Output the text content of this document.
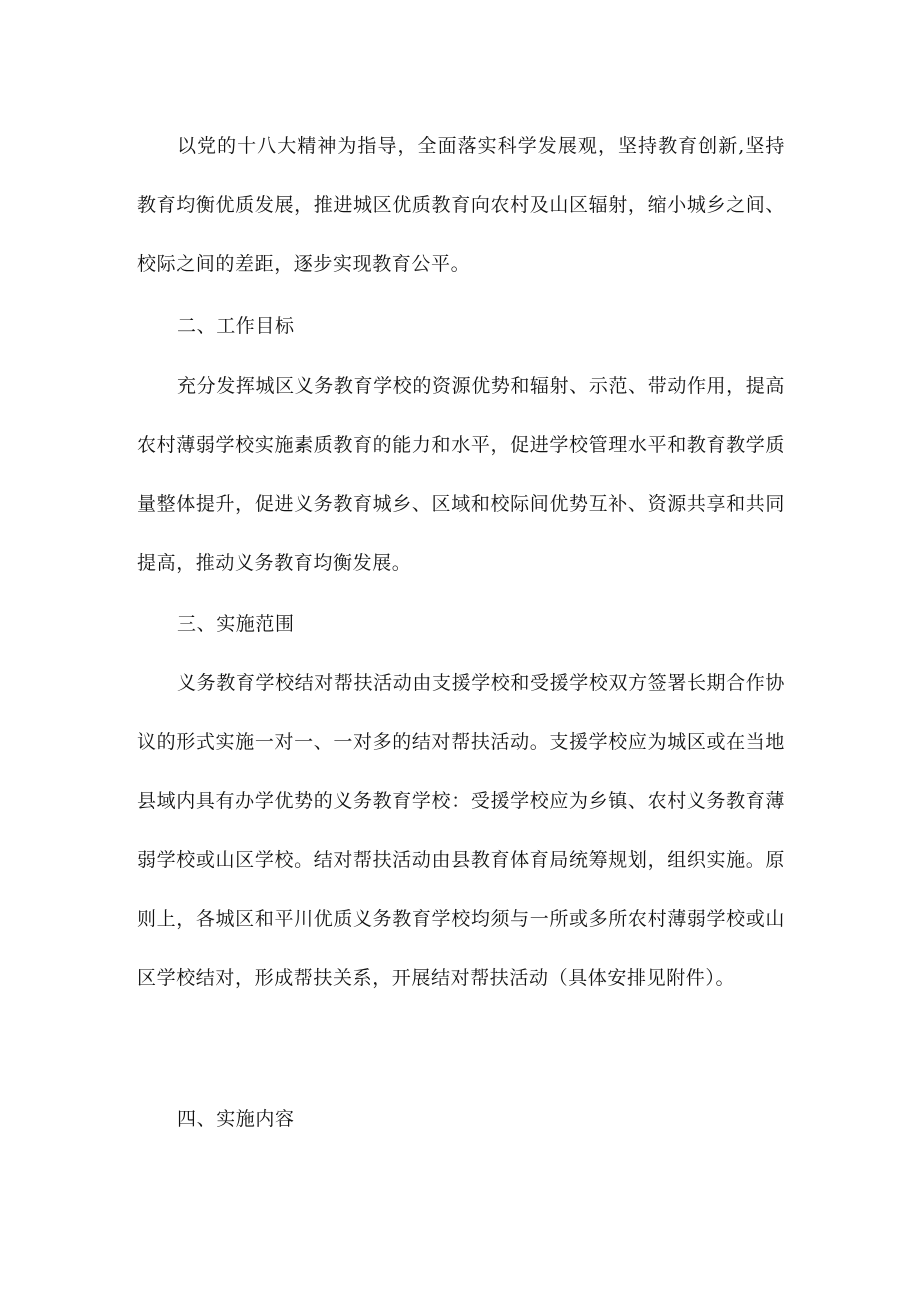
以党的十八大精神为指导，全面落实科学发展观，坚持教育创新,坚持教育均衡优质发展，推进城区优质教育向农村及山区辐射，缩小城乡之间、校际之间的差距，逐步实现教育公平。

二、工作目标

充分发挥城区义务教育学校的资源优势和辐射、示范、带动作用，提高农村薄弱学校实施素质教育的能力和水平，促进学校管理水平和教育教学质量整体提升，促进义务教育城乡、区域和校际间优势互补、资源共享和共同提高，推动义务教育均衡发展。

三、实施范围

义务教育学校结对帮扶活动由支援学校和受援学校双方签署长期合作协议的形式实施一对一、一对多的结对帮扶活动。支援学校应为城区或在当地县域内具有办学优势的义务教育学校：受援学校应为乡镇、农村义务教育薄弱学校或山区学校。结对帮扶活动由县教育体育局统筹规划，组织实施。原则上，各城区和平川优质义务教育学校均须与一所或多所农村薄弱学校或山区学校结对，形成帮扶关系，开展结对帮扶活动（具体安排见附件）。

四、实施内容
